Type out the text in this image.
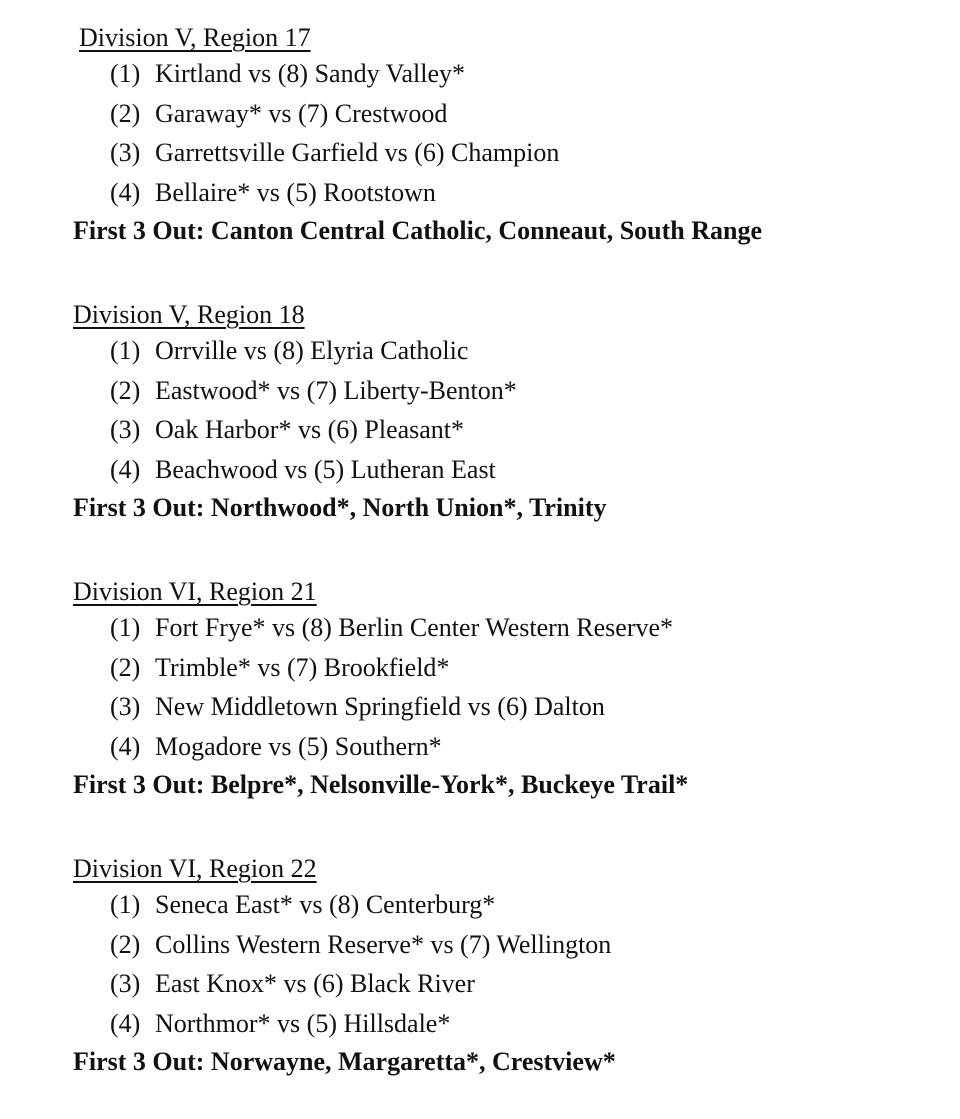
Division V, Region 17
(1) Kirtland vs (8) Sandy Valley*
(2) Garaway* vs (7) Crestwood
(3) Garrettsville Garfield vs (6) Champion
(4) Bellaire* vs (5) Rootstown
First 3 Out: Canton Central Catholic, Conneaut, South Range
Division V, Region 18
(1) Orrville vs (8) Elyria Catholic
(2) Eastwood* vs (7) Liberty-Benton*
(3) Oak Harbor* vs (6) Pleasant*
(4) Beachwood vs (5) Lutheran East
First 3 Out: Northwood*, North Union*, Trinity
Division VI, Region 21
(1) Fort Frye* vs (8) Berlin Center Western Reserve*
(2) Trimble* vs (7) Brookfield*
(3) New Middletown Springfield vs (6) Dalton
(4) Mogadore vs (5) Southern*
First 3 Out: Belpre*, Nelsonville-York*, Buckeye Trail*
Division VI, Region 22
(1) Seneca East* vs (8) Centerburg*
(2) Collins Western Reserve* vs (7) Wellington
(3) East Knox* vs (6) Black River
(4) Northmor* vs (5) Hillsdale*
First 3 Out: Norwayne, Margaretta*, Crestview*
